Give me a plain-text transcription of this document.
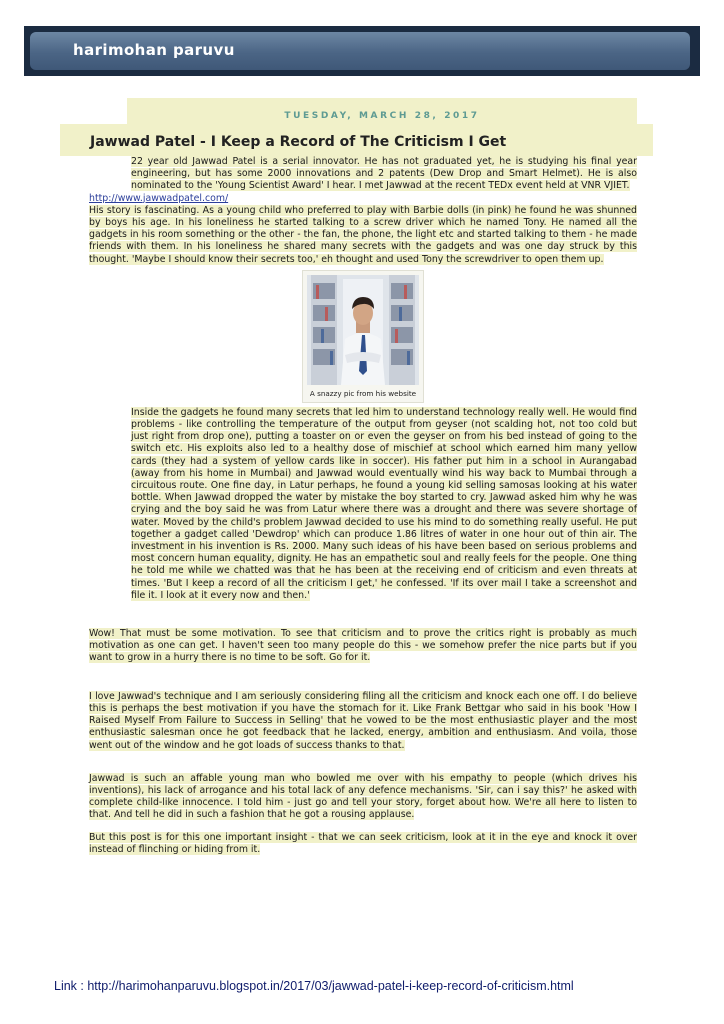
harimohan paruvu
TUESDAY, MARCH 28, 2017
Jawwad Patel - I Keep a Record of The Criticism I Get

22 year old Jawwad Patel is a serial innovator. He has not graduated yet, he is studying his final year engineering, but has some 2000 innovations and 2 patents (Dew Drop and Smart Helmet). He is also nominated to the 'Young Scientist Award' I hear. I met Jawwad at the recent TEDx event held at VNR VJIET.

http://www.jawwadpatel.com/

His story is fascinating. As a young child who preferred to play with Barbie dolls (in pink) he found he was shunned by boys his age. In his loneliness he started talking to a screw driver which he named Tony. He named all the gadgets in his room something or the other - the fan, the phone, the light etc and started talking to them - he made friends with them. In his loneliness he shared many secrets with the gadgets and was one day struck by this thought. 'Maybe I should know their secrets too,' eh thought and used Tony the screwdriver to open them up.

A snazzy pic from his website

Inside the gadgets he found many secrets that led him to understand technology really well. He would find problems - like controlling the temperature of the output from geyser (not scalding hot, not too cold but just right from drop one), putting a toaster on or even the geyser on from his bed instead of going to the switch etc. His exploits also led to a healthy dose of mischief at school which earned him many yellow cards (they had a system of yellow cards like in soccer). His father put him in a school in Aurangabad (away from his home in Mumbai) and Jawwad would eventually wind his way back to Mumbai through a circuitous route. One fine day, in Latur perhaps, he found a young kid selling samosas looking at his water bottle. When Jawwad dropped the water by mistake the boy started to cry. Jawwad asked him why he was crying and the boy said he was from Latur where there was a drought and there was severe shortage of water. Moved by the child's problem Jawwad decided to use his mind to do something really useful. He put together a gadget called 'Dewdrop' which can produce 1.86 litres of water in one hour out of thin air. The investment in his invention is Rs. 2000. Many such ideas of his have been based on serious problems and most concern human equality, dignity. He has an empathetic soul and really feels for the people. One thing he told me while we chatted was that he has been at the receiving end of criticism and even threats at times. 'But I keep a record of all the criticism I get,' he confessed. 'If its over mail I take a screenshot and file it. I look at it every now and then.'

Wow! That must be some motivation. To see that criticism and to prove the critics right is probably as much motivation as one can get. I haven't seen too many people do this - we somehow prefer the nice parts but if you want to grow in a hurry there is no time to be soft. Go for it.

I love Jawwad's technique and I am seriously considering filing all the criticism and knock each one off. I do believe this is perhaps the best motivation if you have the stomach for it. Like Frank Bettgar who said in his book 'How I Raised Myself From Failure to Success in Selling' that he vowed to be the most enthusiastic player and the most enthusiastic salesman once he got feedback that he lacked, energy, ambition and enthusiasm. And voila, those went out of the window and he got loads of success thanks to that.

Jawwad is such an affable young man who bowled me over with his empathy to people (which drives his inventions), his lack of arrogance and his total lack of any defence mechanisms. 'Sir, can i say this?' he asked with complete child-like innocence. I told him - just go and tell your story, forget about how. We're all here to listen to that. And tell he did in such a fashion that he got a rousing applause.

But this post is for this one important insight - that we can seek criticism, look at it in the eye and knock it over instead of flinching or hiding from it.

Link : http://harimohanparuvu.blogspot.in/2017/03/jawwad-patel-i-keep-record-of-criticism.html
